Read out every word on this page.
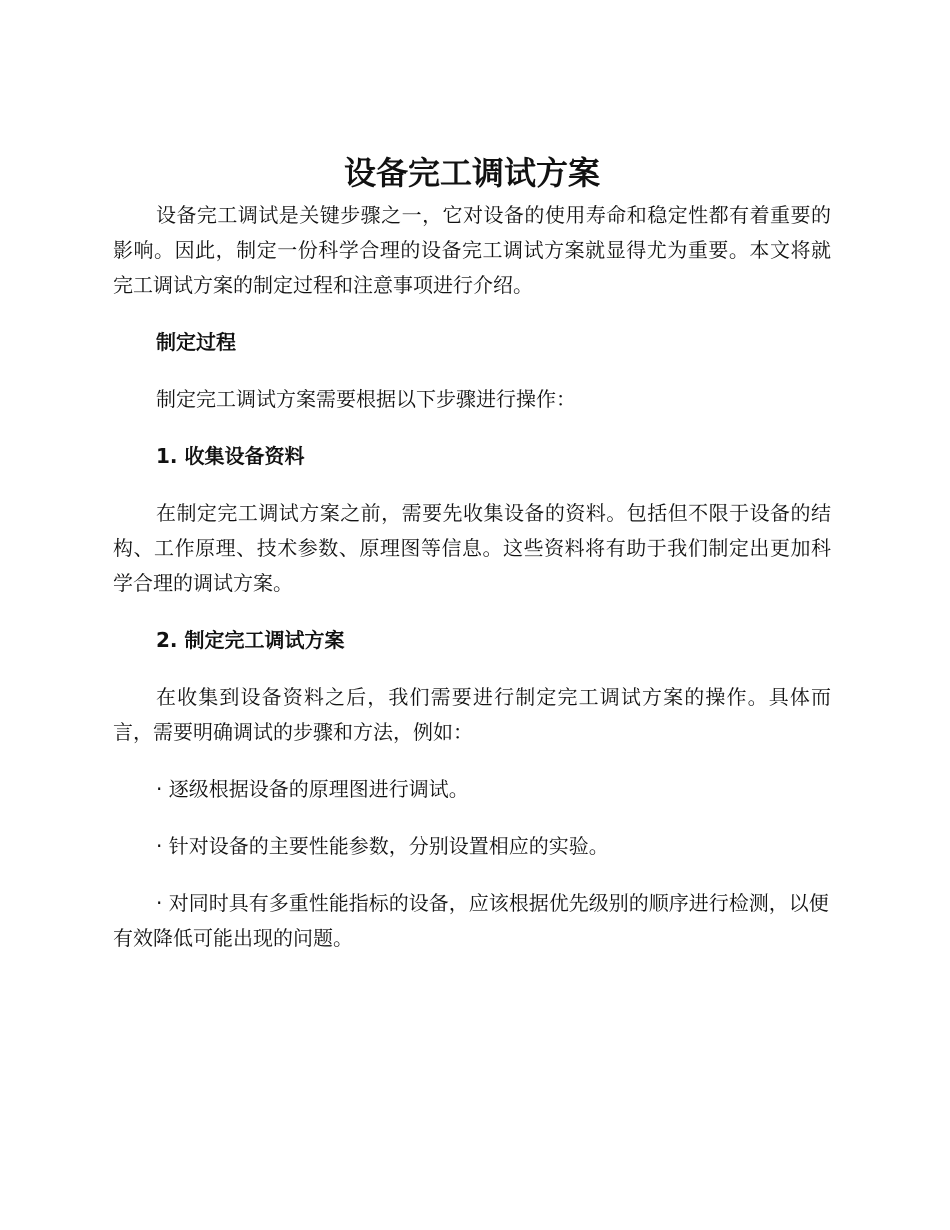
设备完工调试方案

设备完工调试是关键步骤之一，它对设备的使用寿命和稳定性都有着重要的影响。因此，制定一份科学合理的设备完工调试方案就显得尤为重要。本文将就完工调试方案的制定过程和注意事项进行介绍。

制定过程

制定完工调试方案需要根据以下步骤进行操作：

1. 收集设备资料

在制定完工调试方案之前，需要先收集设备的资料。包括但不限于设备的结构、工作原理、技术参数、原理图等信息。这些资料将有助于我们制定出更加科学合理的调试方案。

2. 制定完工调试方案

在收集到设备资料之后，我们需要进行制定完工调试方案的操作。具体而言，需要明确调试的步骤和方法，例如：

· 逐级根据设备的原理图进行调试。

· 针对设备的主要性能参数，分别设置相应的实验。

· 对同时具有多重性能指标的设备，应该根据优先级别的顺序进行检测，以便有效降低可能出现的问题。
